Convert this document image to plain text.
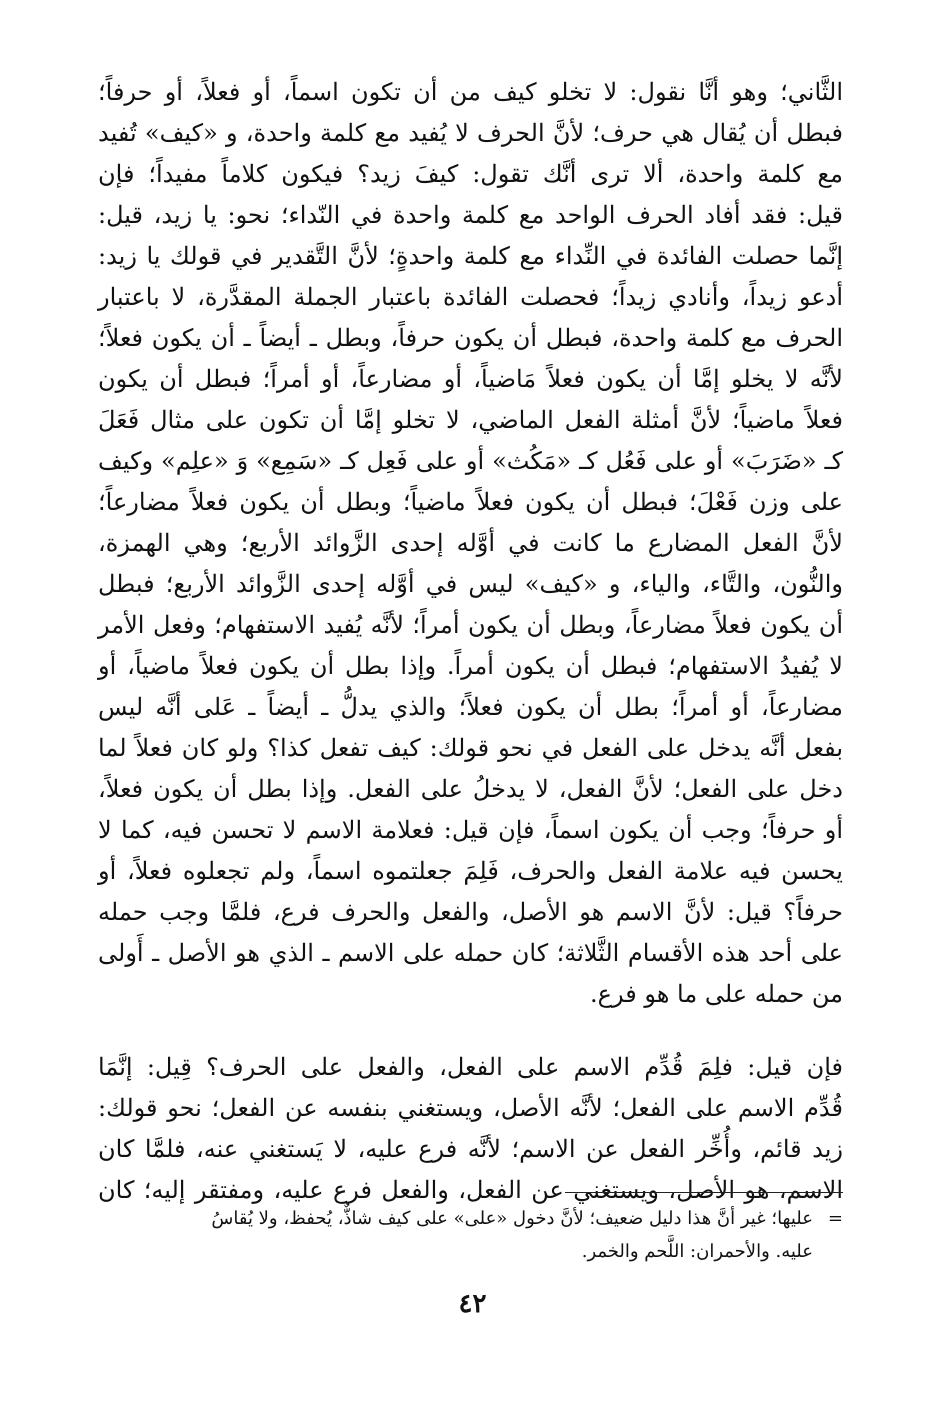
الثَّاني؛ وهو أنَّا نقول: لا تخلو كيف من أن تكون اسماً، أو فعلاً، أو حرفاً؛
فبطل أن يُقال هي حرف؛ لأنَّ الحرف لا يُفيد مع كلمة واحدة، و «كيف» تُفيد
مع كلمة واحدة، ألا ترى أنَّك تقول: كيفَ زيد؟ فيكون كلاماً مفيداً؛ فإن
قيل: فقد أفاد الحرف الواحد مع كلمة واحدة في النّداء؛ نحو: يا زيد، قيل:
إنَّما حصلت الفائدة في النِّداء مع كلمة واحدةٍ؛ لأنَّ التَّقدير في قولك يا زيد:
أدعو زيداً، وأنادي زيداً؛ فحصلت الفائدة باعتبار الجملة المقدَّرة، لا باعتبار
الحرف مع كلمة واحدة، فبطل أن يكون حرفاً، وبطل ـ أيضاً ـ أن يكون فعلاً؛
لأنَّه لا يخلو إمَّا أن يكون فعلاً مَاضياً، أو مضارعاً، أو أمراً؛ فبطل أن يكون
فعلاً ماضياً؛ لأنَّ أمثلة الفعل الماضي، لا تخلو إمَّا أن تكون على مثال فَعَلَ
كـ «ضَرَبَ» أو على فَعُل كـ «مَكُث» أو على فَعِل كـ «سَمِع» وَ «علِم» وكيف
على وزن فَعْلَ؛ فبطل أن يكون فعلاً ماضياً؛ وبطل أن يكون فعلاً مضارعاً؛
لأنَّ الفعل المضارع ما كانت في أوَّله إحدى الزَّوائد الأربع؛ وهي الهمزة،
والنُّون، والتَّاء، والياء، و «كيف» ليس في أوَّله إحدى الزَّوائد الأربع؛ فبطل
أن يكون فعلاً مضارعاً، وبطل أن يكون أمراً؛ لأنَّه يُفيد الاستفهام؛ وفعل الأمر
لا يُفيدُ الاستفهام؛ فبطل أن يكون أمراً. وإذا بطل أن يكون فعلاً ماضياً، أو
مضارعاً، أو أمراً؛ بطل أن يكون فعلاً؛ والذي يدلُّ ـ أيضاً ـ عَلى أنَّه ليس
بفعل أنَّه يدخل على الفعل في نحو قولك: كيف تفعل كذا؟ ولو كان فعلاً لما
دخل على الفعل؛ لأنَّ الفعل، لا يدخلُ على الفعل. وإذا بطل أن يكون فعلاً،
أو حرفاً؛ وجب أن يكون اسماً، فإن قيل: فعلامة الاسم لا تحسن فيه، كما لا
يحسن فيه علامة الفعل والحرف، فَلِمَ جعلتموه اسماً، ولم تجعلوه فعلاً، أو
حرفاً؟ قيل: لأنَّ الاسم هو الأصل، والفعل والحرف فرع، فلمَّا وجب حمله
على أحد هذه الأقسام الثَّلاثة؛ كان حمله على الاسم ـ الذي هو الأصل ـ أَولى
من حمله على ما هو فرع.
فإن قيل: فلِمَ قُدِّم الاسم على الفعل، والفعل على الحرف؟ قِيل: إنَّمَا
قُدِّم الاسم على الفعل؛ لأنَّه الأصل، ويستغني بنفسه عن الفعل؛ نحو قولك:
زيد قائم، وأُخِّر الفعل عن الاسم؛ لأنَّه فرع عليه، لا يَستغني عنه، فلمَّا كان
الاسم، هو الأصل، ويستغني عن الفعل، والفعل فرع عليه، ومفتقر إليه؛ كان
=عليها؛ غير أنَّ هذا دليل ضعيف؛ لأنَّ دخول «على» على كيف شاذٌّ، يُحفظ، ولا يُقاسُ
عليه. والأحمران: اللَّحم والخمر.
٤٢
